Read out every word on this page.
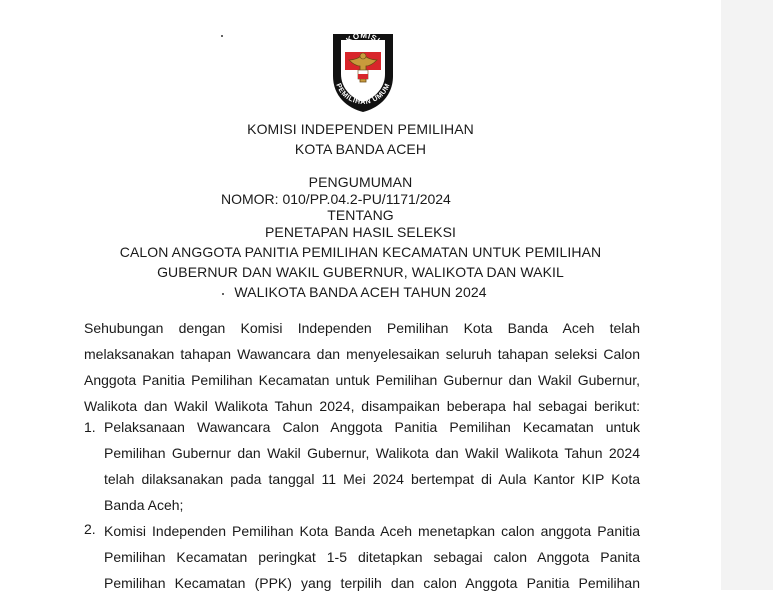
KOMISI
PEMILIHAN UMUM
KOMISI INDEPENDEN PEMILIHAN
KOTA BANDA ACEH
PENGUMUMAN
NOMOR: 010/PP.04.2-PU/1171/2024
TENTANG
PENETAPAN HASIL SELEKSI
CALON ANGGOTA PANITIA PEMILIHAN KECAMATAN UNTUK PEMILIHAN
GUBERNUR DAN WAKIL GUBERNUR, WALIKOTA DAN WAKIL
WALIKOTA BANDA ACEH TAHUN 2024
Sehubungan dengan Komisi Independen Pemilihan Kota Banda Aceh telah
melaksanakan tahapan Wawancara dan menyelesaikan seluruh tahapan seleksi Calon
Anggota Panitia Pemilihan Kecamatan untuk Pemilihan Gubernur dan Wakil Gubernur,
Walikota dan Wakil Walikota Tahun 2024, disampaikan beberapa hal sebagai berikut:
1. Pelaksanaan Wawancara Calon Anggota Panitia Pemilihan Kecamatan untuk
Pemilihan Gubernur dan Wakil Gubernur, Walikota dan Wakil Walikota Tahun 2024
telah dilaksanakan pada tanggal 11 Mei 2024 bertempat di Aula Kantor KIP Kota
Banda Aceh;
2. Komisi Independen Pemilihan Kota Banda Aceh menetapkan calon anggota Panitia
Pemilihan Kecamatan peringkat 1-5 ditetapkan sebagai calon Anggota Panita
Pemilihan Kecamatan (PPK) yang terpilih dan calon Anggota Panitia Pemilihan
